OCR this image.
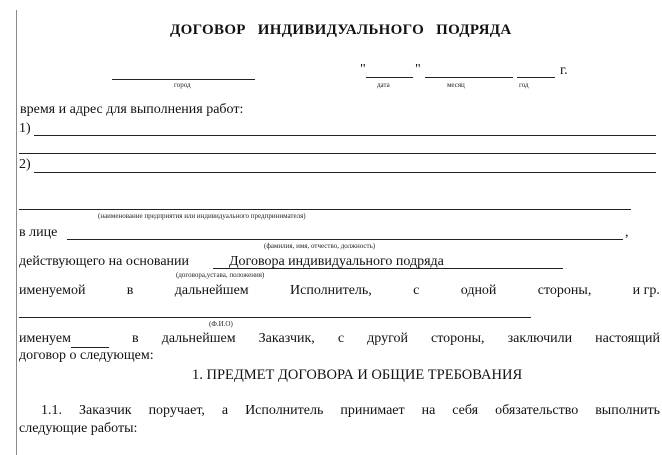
ДОГОВОР ИНДИВИДУАЛЬНОГО ПОДРЯДА
город
"	"	г.
дата	месяц	год
время и адрес для выполнения работ:
1)
2)
(наименование предприятия или индивидуального предпринимателя)
в лице	,
(фамилия, имя, отчество, должность)
действующего на основании	Договора индивидуального подряда
(договора,устава, положения)
именуемой	в	дальнейшем	Исполнитель,	с	одной	стороны,	и гр.
(Ф.И.О)
именуем	в дальнейшем Заказчик, с другой стороны, заключили настоящий
договор о следующем:
1. ПРЕДМЕТ ДОГОВОРА И ОБЩИЕ ТРЕБОВАНИЯ
1.1. Заказчик поручает, а Исполнитель принимает на себя обязательство выполнить
следующие работы:
